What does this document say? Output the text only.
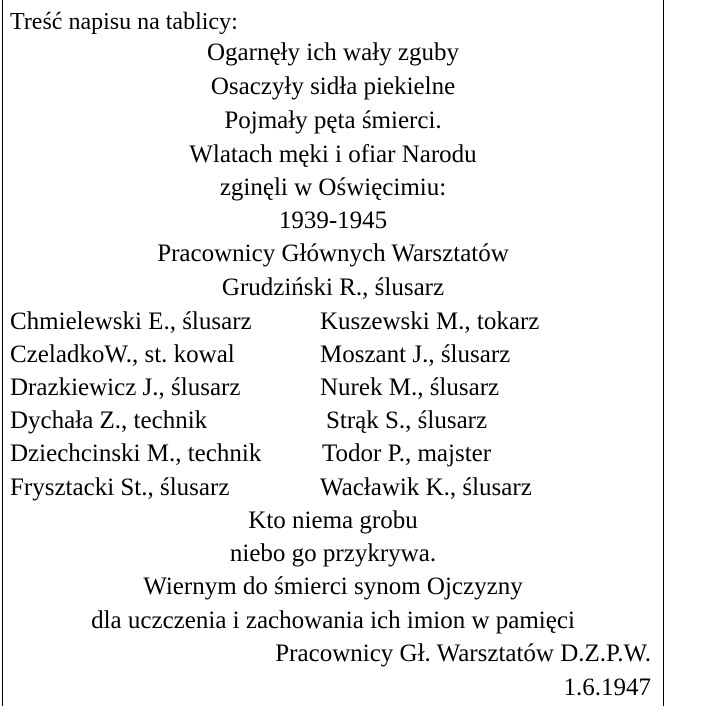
Treść napisu na tablicy:
Ogarnęły ich wały zguby
Osaczyły sidła piekielne
Pojmały pęta śmierci.
Wlatach męki i ofiar Narodu
zginęli w Oświęcimiu:
1939-1945
Pracownicy Głównych Warsztatów
Grudziński R., ślusarz
Chmielewski E., ślusarz	Kuszewski M., tokarz
CzeladkoW., st. kowal	Moszant J., ślusarz
Drazkiewicz J., ślusarz	Nurek M., ślusarz
Dychała Z., technik	Strąk S., ślusarz
Dziechcinski M., technik Todor P., majster
Frysztacki St., ślusarz	Wacławik K., ślusarz
Kto niema grobu
niebo go przykrywa.
Wiernym do śmierci synom Ojczyzny
dla uczczenia i zachowania ich imion w pamięci
Pracownicy Gł. Warsztatów D.Z.P.W.
1.6.1947
